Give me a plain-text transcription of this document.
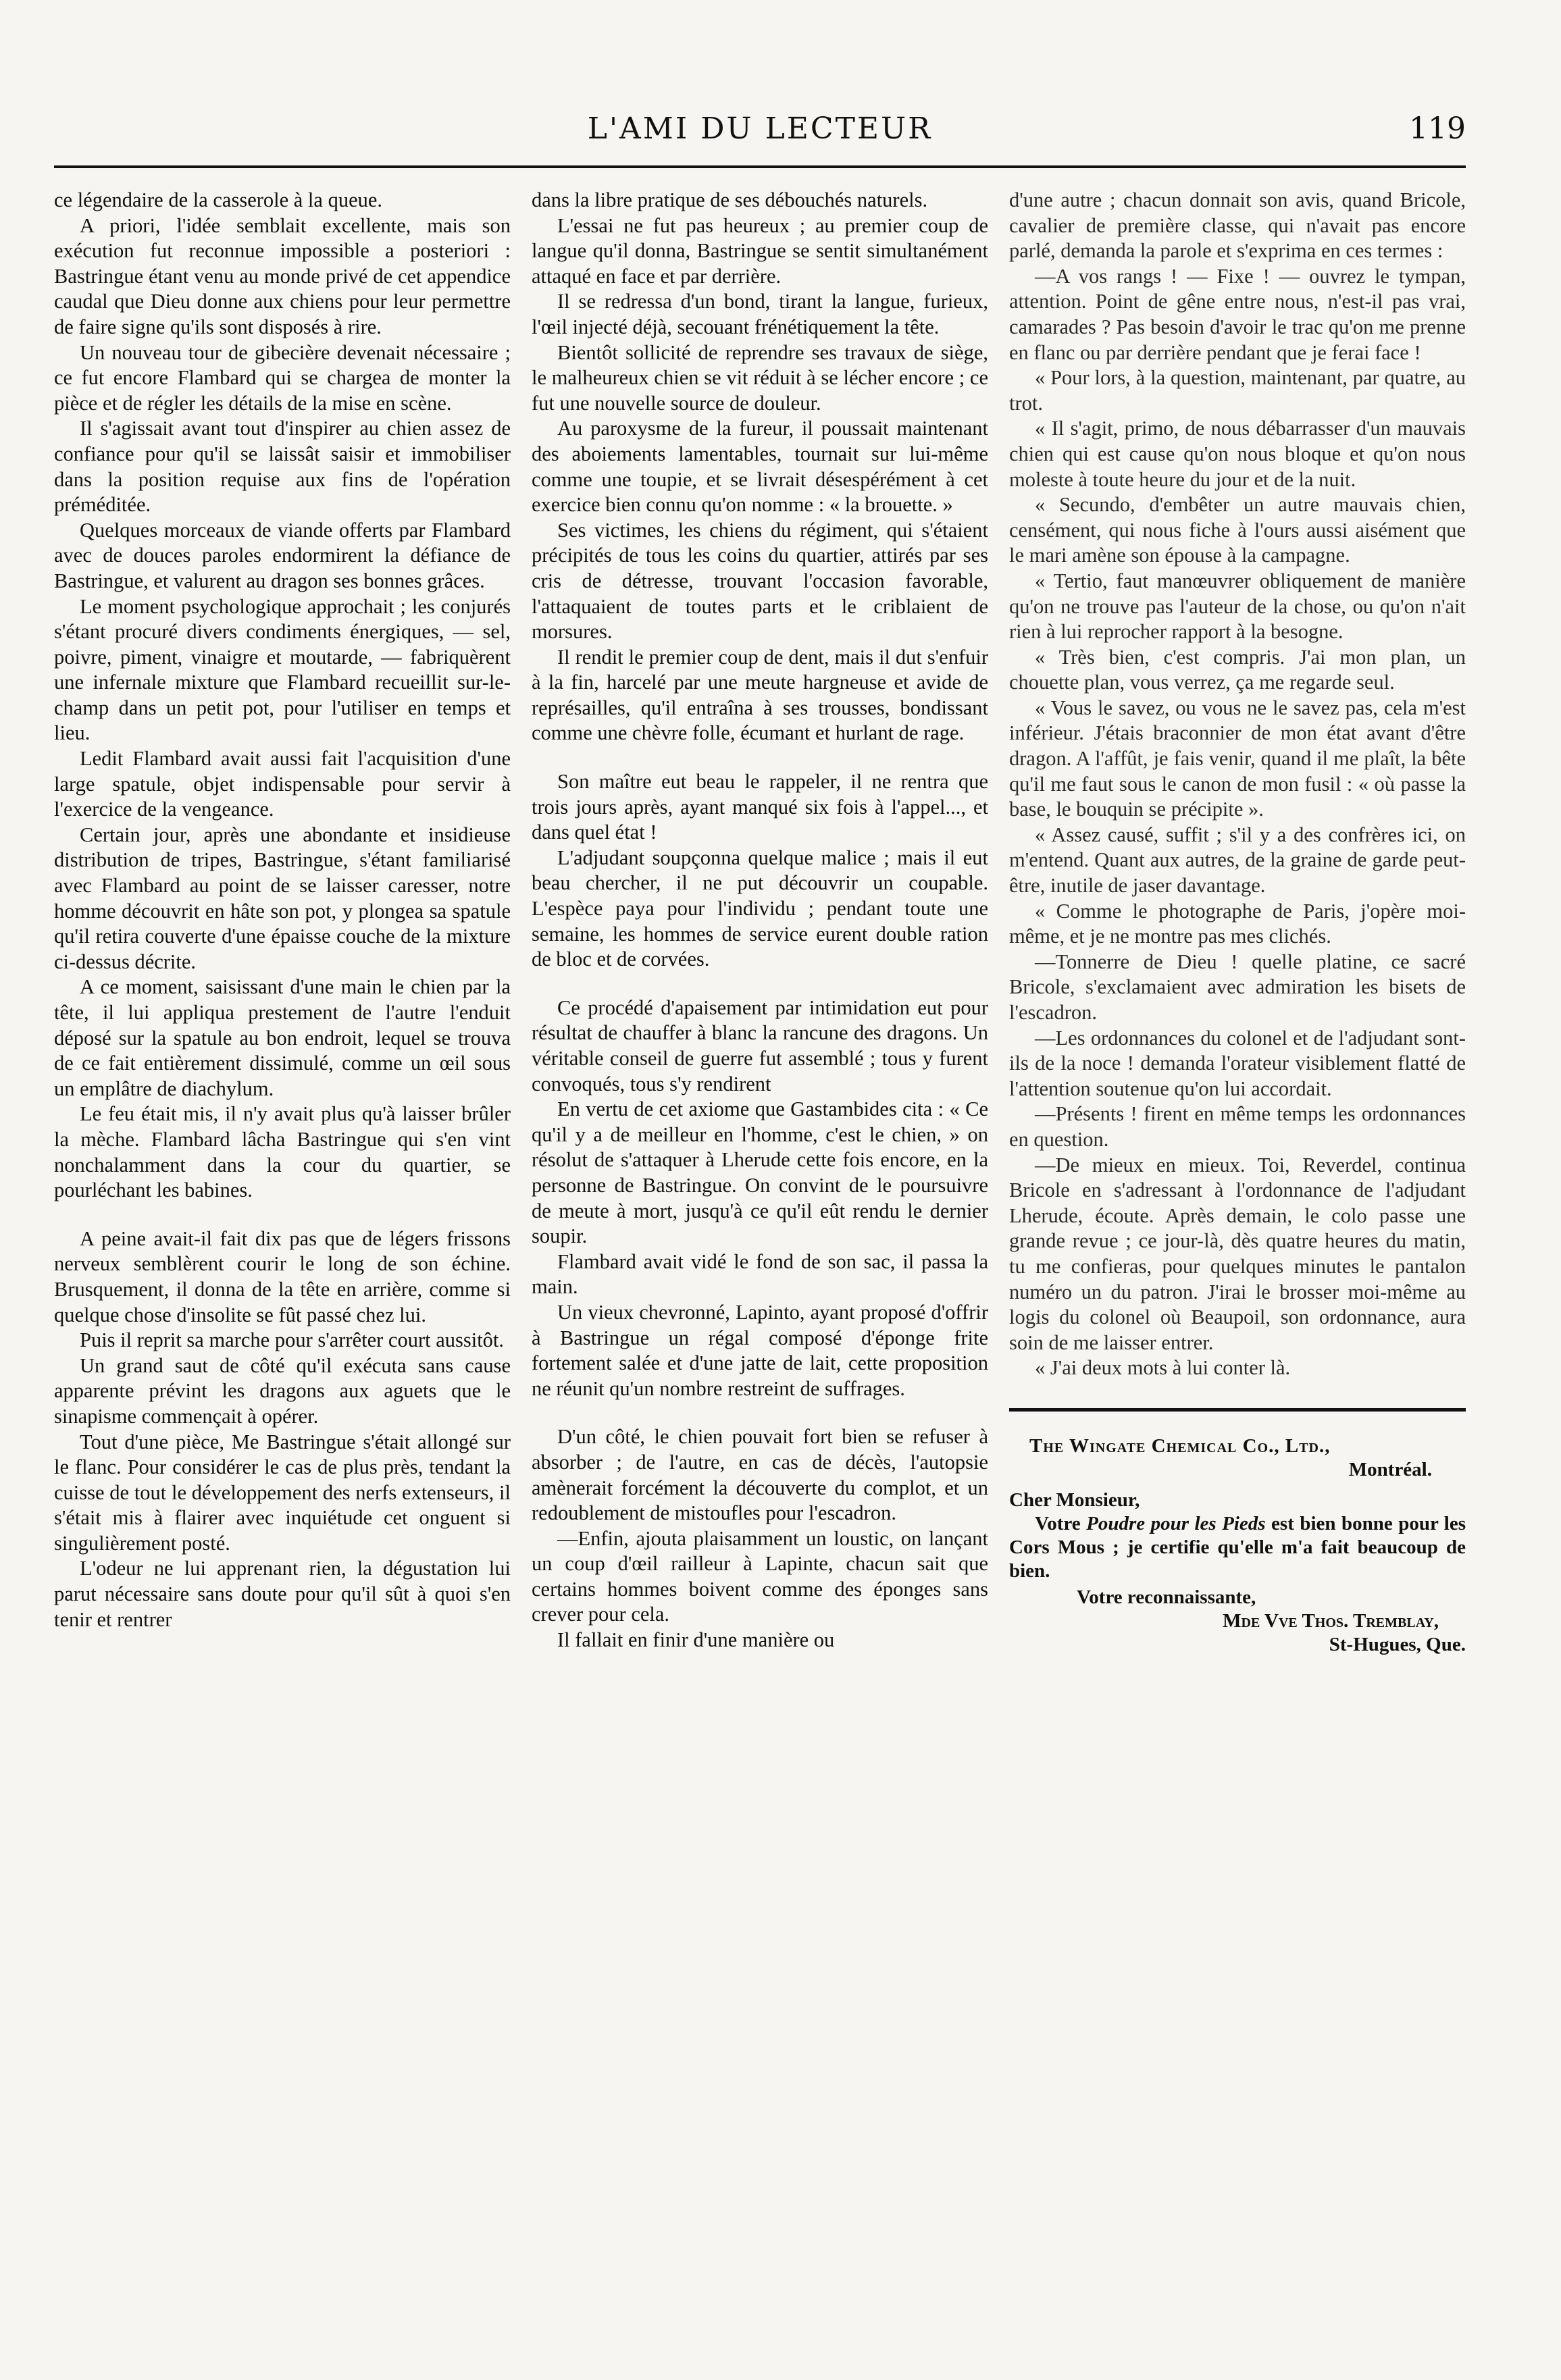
L'AMI DU LECTEUR	119

ce légendaire de la casserole à la queue.

A priori, l'idée semblait excellente, mais son exécution fut reconnue impossible a posteriori : Bastringue étant venu au monde privé de cet appendice caudal que Dieu donne aux chiens pour leur permettre de faire signe qu'ils sont disposés à rire.

Un nouveau tour de gibecière devenait nécessaire ; ce fut encore Flambard qui se chargea de monter la pièce et de régler les détails de la mise en scène.

Il s'agissait avant tout d'inspirer au chien assez de confiance pour qu'il se laissât saisir et immobiliser dans la position requise aux fins de l'opération préméditée.

Quelques morceaux de viande offerts par Flambard avec de douces paroles endormirent la défiance de Bastringue, et valurent au dragon ses bonnes grâces.

Le moment psychologique approchait ; les conjurés s'étant procuré divers condiments énergiques, — sel, poivre, piment, vinaigre et moutarde, — fabriquèrent une infernale mixture que Flambard recueillit sur-le-champ dans un petit pot, pour l'utiliser en temps et lieu.

Ledit Flambard avait aussi fait l'acquisition d'une large spatule, objet indispensable pour servir à l'exercice de la vengeance.

Certain jour, après une abondante et insidieuse distribution de tripes, Bastringue, s'étant familiarisé avec Flambard au point de se laisser caresser, notre homme découvrit en hâte son pot, y plongea sa spatule qu'il retira couverte d'une épaisse couche de la mixture ci-dessus décrite.

A ce moment, saisissant d'une main le chien par la tête, il lui appliqua prestement de l'autre l'enduit déposé sur la spatule au bon endroit, lequel se trouva de ce fait entièrement dissimulé, comme un œil sous un emplâtre de diachylum.

Le feu était mis, il n'y avait plus qu'à laisser brûler la mèche. Flambard lâcha Bastringue qui s'en vint nonchalamment dans la cour du quartier, se pourléchant les babines.

A peine avait-il fait dix pas que de légers frissons nerveux semblèrent courir le long de son échine. Brusquement, il donna de la tête en arrière, comme si quelque chose d'insolite se fût passé chez lui.

Puis il reprit sa marche pour s'arrêter court aussitôt.

Un grand saut de côté qu'il exécuta sans cause apparente prévint les dragons aux aguets que le sinapisme commençait à opérer.

Tout d'une pièce, Me Bastringue s'était allongé sur le flanc. Pour considérer le cas de plus près, tendant la cuisse de tout le développement des nerfs extenseurs, il s'était mis à flairer avec inquiétude cet onguent si singulièrement posté.

L'odeur ne lui apprenant rien, la dégustation lui parut nécessaire sans doute pour qu'il sût à quoi s'en tenir et rentrer

dans la libre pratique de ses débouchés naturels.

L'essai ne fut pas heureux ; au premier coup de langue qu'il donna, Bastringue se sentit simultanément attaqué en face et par derrière.

Il se redressa d'un bond, tirant la langue, furieux, l'œil injecté déjà, secouant frénétiquement la tête.

Bientôt sollicité de reprendre ses travaux de siège, le malheureux chien se vit réduit à se lécher encore ; ce fut une nouvelle source de douleur.

Au paroxysme de la fureur, il poussait maintenant des aboiements lamentables, tournait sur lui-même comme une toupie, et se livrait désespérément à cet exercice bien connu qu'on nomme : « la brouette. »

Ses victimes, les chiens du régiment, qui s'étaient précipités de tous les coins du quartier, attirés par ses cris de détresse, trouvant l'occasion favorable, l'attaquaient de toutes parts et le criblaient de morsures.

Il rendit le premier coup de dent, mais il dut s'enfuir à la fin, harcelé par une meute hargneuse et avide de représailles, qu'il entraîna à ses trousses, bondissant comme une chèvre folle, écumant et hurlant de rage.

Son maître eut beau le rappeler, il ne rentra que trois jours après, ayant manqué six fois à l'appel..., et dans quel état !

L'adjudant soupçonna quelque malice ; mais il eut beau chercher, il ne put découvrir un coupable. L'espèce paya pour l'individu ; pendant toute une semaine, les hommes de service eurent double ration de bloc et de corvées.

Ce procédé d'apaisement par intimidation eut pour résultat de chauffer à blanc la rancune des dragons. Un véritable conseil de guerre fut assemblé ; tous y furent convoqués, tous s'y rendirent

En vertu de cet axiome que Gastambides cita : « Ce qu'il y a de meilleur en l'homme, c'est le chien, » on résolut de s'attaquer à Lherude cette fois encore, en la personne de Bastringue. On convint de le poursuivre de meute à mort, jusqu'à ce qu'il eût rendu le dernier soupir.

Flambard avait vidé le fond de son sac, il passa la main.

Un vieux chevronné, Lapinto, ayant proposé d'offrir à Bastringue un régal composé d'éponge frite fortement salée et d'une jatte de lait, cette proposition ne réunit qu'un nombre restreint de suffrages.

D'un côté, le chien pouvait fort bien se refuser à absorber ; de l'autre, en cas de décès, l'autopsie amènerait forcément la découverte du complot, et un redoublement de mistoufles pour l'escadron.

—Enfin, ajouta plaisamment un loustic, on lançant un coup d'œil railleur à Lapinte, chacun sait que certains hommes boivent comme des éponges sans crever pour cela.

Il fallait en finir d'une manière ou

d'une autre ; chacun donnait son avis, quand Bricole, cavalier de première classe, qui n'avait pas encore parlé, demanda la parole et s'exprima en ces termes :

—A vos rangs ! — Fixe ! — ouvrez le tympan, attention. Point de gêne entre nous, n'est-il pas vrai, camarades ? Pas besoin d'avoir le trac qu'on me prenne en flanc ou par derrière pendant que je ferai face !

« Pour lors, à la question, maintenant, par quatre, au trot.

« Il s'agit, primo, de nous débarrasser d'un mauvais chien qui est cause qu'on nous bloque et qu'on nous moleste à toute heure du jour et de la nuit.

« Secundo, d'embêter un autre mauvais chien, censément, qui nous fiche à l'ours aussi aisément que le mari amène son épouse à la campagne.

« Tertio, faut manœuvrer obliquement de manière qu'on ne trouve pas l'auteur de la chose, ou qu'on n'ait rien à lui reprocher rapport à la besogne.

« Très bien, c'est compris. J'ai mon plan, un chouette plan, vous verrez, ça me regarde seul.

« Vous le savez, ou vous ne le savez pas, cela m'est inférieur. J'étais braconnier de mon état avant d'être dragon. A l'affût, je fais venir, quand il me plaît, la bête qu'il me faut sous le canon de mon fusil : « où passe la base, le bouquin se précipite ».

« Assez causé, suffit ; s'il y a des confrères ici, on m'entend. Quant aux autres, de la graine de garde peut-être, inutile de jaser davantage.

« Comme le photographe de Paris, j'opère moi-même, et je ne montre pas mes clichés.

—Tonnerre de Dieu ! quelle platine, ce sacré Bricole, s'exclamaient avec admiration les bisets de l'escadron.

—Les ordonnances du colonel et de l'adjudant sont-ils de la noce ! demanda l'orateur visiblement flatté de l'attention soutenue qu'on lui accordait.

—Présents ! firent en même temps les ordonnances en question.

—De mieux en mieux. Toi, Reverdel, continua Bricole en s'adressant à l'ordonnance de l'adjudant Lherude, écoute. Après demain, le colo passe une grande revue ; ce jour-là, dès quatre heures du matin, tu me confieras, pour quelques minutes le pantalon numéro un du patron. J'irai le brosser moi-même au logis du colonel où Beaupoil, son ordonnance, aura soin de me laisser entrer.

« J'ai deux mots à lui conter là.

The Wingate Chemical Co., Ltd.,
Montréal.
Cher Monsieur,
Votre Poudre pour les Pieds est bien bonne pour les Cors Mous ; je certifie qu'elle m'a fait beaucoup de bien.
Votre reconnaissante,
Mde Vve Thos. Tremblay,
St-Hugues, Que.
